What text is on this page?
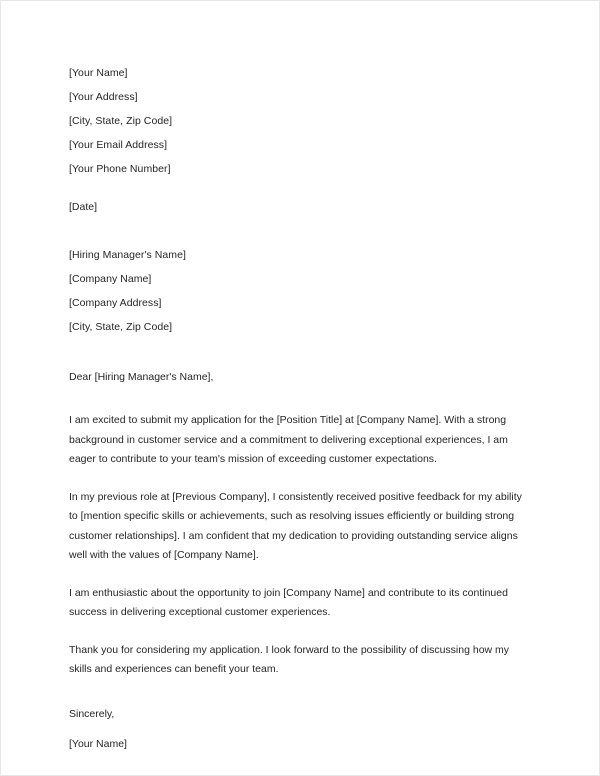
[Your Name]
[Your Address]
[City, State, Zip Code]
[Your Email Address]
[Your Phone Number]
[Date]
[Hiring Manager's Name]
[Company Name]
[Company Address]
[City, State, Zip Code]
Dear [Hiring Manager's Name],

I am excited to submit my application for the [Position Title] at [Company Name]. With a strong background in customer service and a commitment to delivering exceptional experiences, I am eager to contribute to your team's mission of exceeding customer expectations.

In my previous role at [Previous Company], I consistently received positive feedback for my ability to [mention specific skills or achievements, such as resolving issues efficiently or building strong customer relationships]. I am confident that my dedication to providing outstanding service aligns well with the values of [Company Name].

I am enthusiastic about the opportunity to join [Company Name] and contribute to its continued success in delivering exceptional customer experiences.

Thank you for considering my application. I look forward to the possibility of discussing how my skills and experiences can benefit your team.

Sincerely,
[Your Name]
